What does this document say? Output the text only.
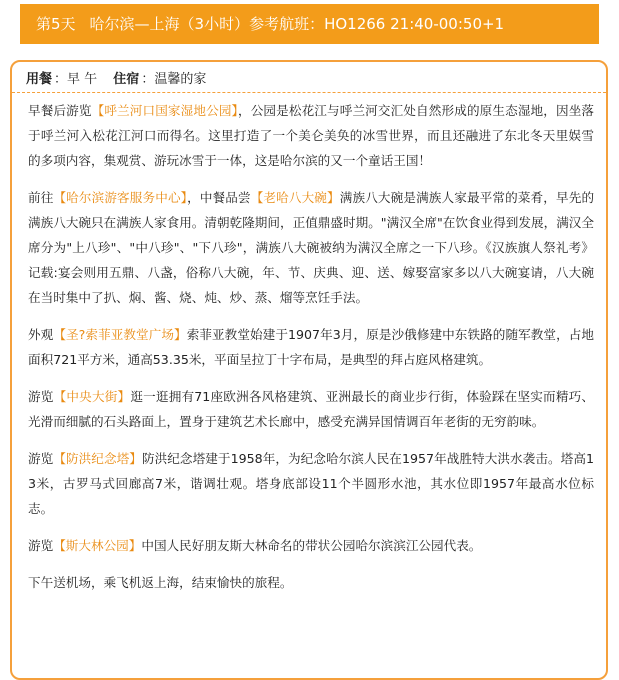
第5天 哈尔滨—上海（3小时）参考航班：HO1266 21:40-00:50+1
用餐 ：早 午 住宿 ：温馨的家

早餐后游览【呼兰河口国家湿地公园】，公园是松花江与呼兰河交汇处自然形成的原生态湿地，因坐落于呼兰河入松花江河口而得名。这里打造了一个美仑美奂的冰雪世界，而且还融进了东北冬天里娱雪的多项内容，集观赏、游玩冰雪于一体，这是哈尔滨的又一个童话王国！

前往【哈尔滨游客服务中心】，中餐品尝【老哈八大碗】满族八大碗是满族人家最平常的菜肴，早先的满族八大碗只在满族人家食用。清朝乾隆期间，正值鼎盛时期。"满汉全席"在饮食业得到发展，满汉全席分为"上八珍"、"中八珍"、"下八珍"，满族八大碗被纳为满汉全席之一下八珍。《汉族旗人祭礼考》记载:宴会则用五鼎、八盏，俗称八大碗，年、节、庆典、迎、送、嫁娶富家多以八大碗宴请，八大碗在当时集中了扒、焖、酱、烧、炖、炒、蒸、熘等烹饪手法。

外观【圣?索菲亚教堂广场】索菲亚教堂始建于1907年3月，原是沙俄修建中东铁路的随军教堂，占地面积721平方米，通高53.35米，平面呈拉丁十字布局，是典型的拜占庭风格建筑。

游览【中央大街】逛一逛拥有71座欧洲各风格建筑、亚洲最长的商业步行街，体验踩在坚实而精巧、光滑而细腻的石头路面上，置身于建筑艺术长廊中，感受充满异国情调百年老街的无穷韵味。

游览【防洪纪念塔】防洪纪念塔建于1958年，为纪念哈尔滨人民在1957年战胜特大洪水袭击。塔高13米，古罗马式回廊高7米，谐调壮观。塔身底部设11个半圆形水池，其水位即1957年最高水位标志。

游览【斯大林公园】中国人民好朋友斯大林命名的带状公园哈尔滨滨江公园代表。

下午送机场，乘飞机返上海，结束愉快的旅程。
